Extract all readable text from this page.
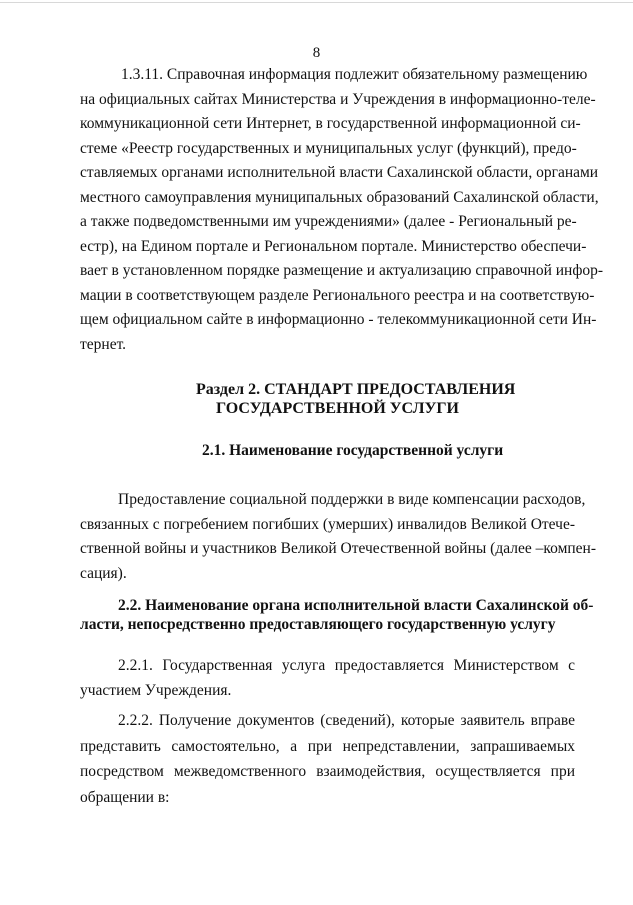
8
1.3.11. Справочная информация подлежит обязательному размещению
на официальных сайтах Министерства и Учреждения в информационно-теле-
коммуникационной сети Интернет, в государственной информационной си-
стеме «Реестр государственных и муниципальных услуг (функций), предо-
ставляемых органами исполнительной власти Сахалинской области, органами
местного самоуправления муниципальных образований Сахалинской области,
а также подведомственными им учреждениями» (далее - Региональный ре-
естр), на Едином портале и Региональном портале. Министерство обеспечи-
вает в установленном порядке размещение и актуализацию справочной инфор-
мации в соответствующем разделе Регионального реестра и на соответствую-
щем официальном сайте в информационно - телекоммуникационной сети Ин-
тернет.
Раздел 2. СТАНДАРТ ПРЕДОСТАВЛЕНИЯ
ГОСУДАРСТВЕННОЙ УСЛУГИ
2.1. Наименование государственной услуги
Предоставление социальной поддержки в виде компенсации расходов,
связанных с погребением погибших (умерших) инвалидов Великой Отече-
ственной войны и участников Великой Отечественной войны (далее –компен-
сация).
2.2. Наименование органа исполнительной власти Сахалинской об-
ласти, непосредственно предоставляющего государственную услугу
2.2.1. Государственная услуга предоставляется Министерством с
участием Учреждения.
2.2.2. Получение документов (сведений), которые заявитель вправе
представить самостоятельно, а при непредставлении, запрашиваемых
посредством межведомственного взаимодействия, осуществляется при
обращении в:
